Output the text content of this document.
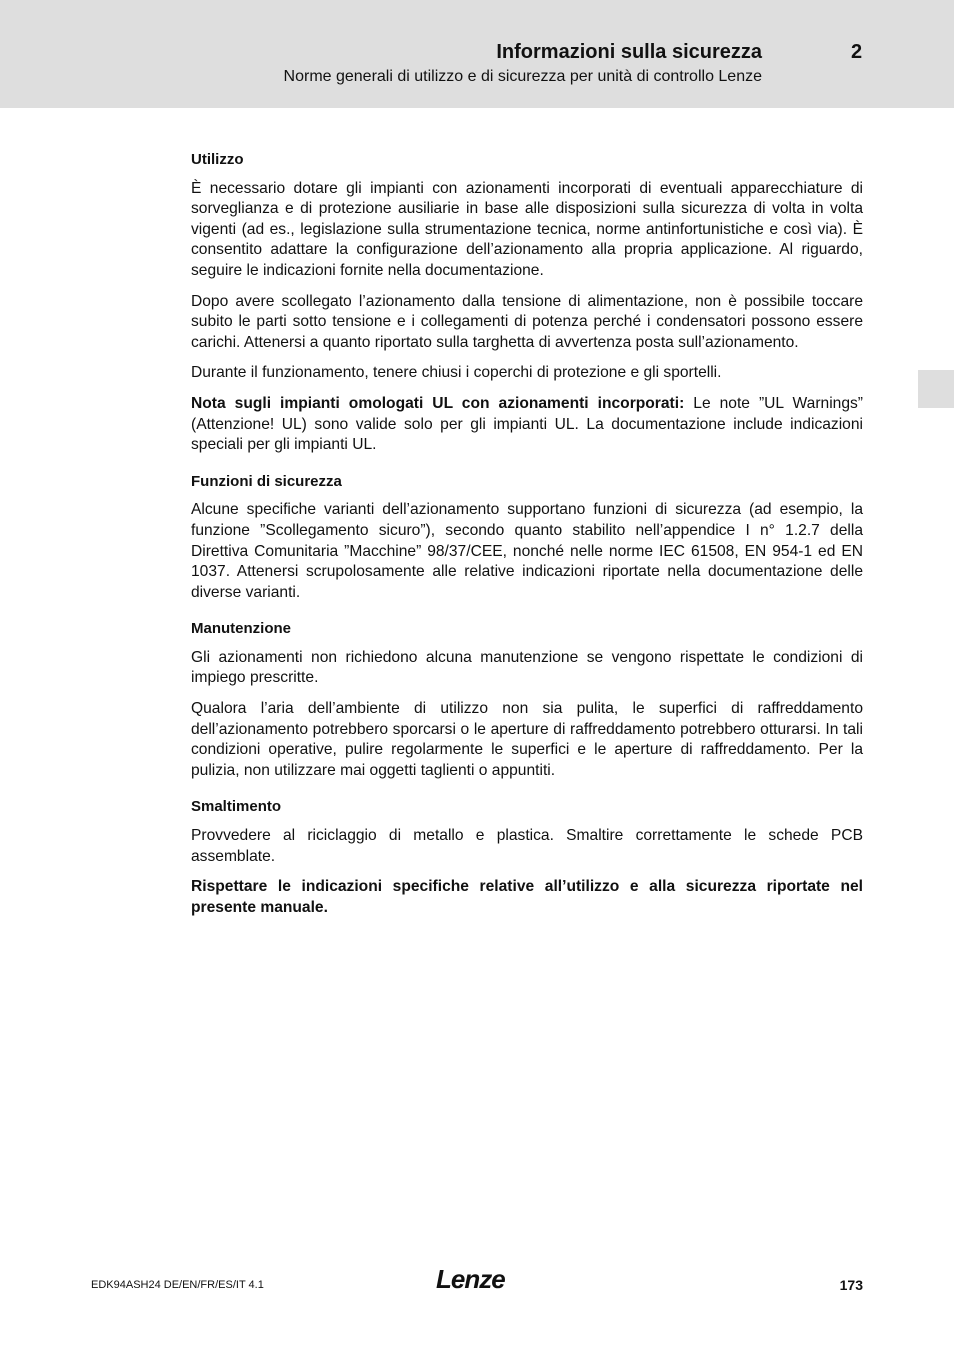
Informazioni sulla sicurezza	2
Norme generali di utilizzo e di sicurezza per unità di controllo Lenze
Utilizzo

È necessario dotare gli impianti con azionamenti incorporati di eventuali apparecchiature di sorveglianza e di protezione ausiliarie in base alle disposizioni sulla sicurezza di volta in volta vigenti (ad es., legislazione sulla strumentazione tecnica, norme antinfortunistiche e così via). È consentito adattare la configurazione dell’azionamento alla propria applicazione. Al riguardo, seguire le indicazioni fornite nella documentazione.

Dopo avere scollegato l’azionamento dalla tensione di alimentazione, non è possibile toccare subito le parti sotto tensione e i collegamenti di potenza perché i condensatori possono essere carichi. Attenersi a quanto riportato sulla targhetta di avvertenza posta sull’azionamento.

Durante il funzionamento, tenere chiusi i coperchi di protezione e gli sportelli.

Nota sugli impianti omologati UL con azionamenti incorporati: Le note ”UL Warnings” (Attenzione! UL) sono valide solo per gli impianti UL. La documentazione include indicazioni speciali per gli impianti UL.

Funzioni di sicurezza

Alcune specifiche varianti dell’azionamento supportano funzioni di sicurezza (ad esempio, la funzione ”Scollegamento sicuro”), secondo quanto stabilito nell’appendice I n° 1.2.7 della Direttiva Comunitaria ”Macchine” 98/37/CEE, nonché nelle norme IEC 61508, EN 954-1 ed EN 1037. Attenersi scrupolosamente alle relative indicazioni riportate nella documentazione delle diverse varianti.

Manutenzione

Gli azionamenti non richiedono alcuna manutenzione se vengono rispettate le condizioni di impiego prescritte.

Qualora l’aria dell’ambiente di utilizzo non sia pulita, le superfici di raffreddamento dell’azionamento potrebbero sporcarsi o le aperture di raffreddamento potrebbero otturarsi. In tali condizioni operative, pulire regolarmente le superfici e le aperture di raffreddamento. Per la pulizia, non utilizzare mai oggetti taglienti o appuntiti.

Smaltimento

Provvedere al riciclaggio di metallo e plastica. Smaltire correttamente le schede PCB assemblate.

Rispettare le indicazioni specifiche relative all’utilizzo e alla sicurezza riportate nel presente manuale.

EDK94ASH24 DE/EN/FR/ES/IT 4.1	Lenze	173
